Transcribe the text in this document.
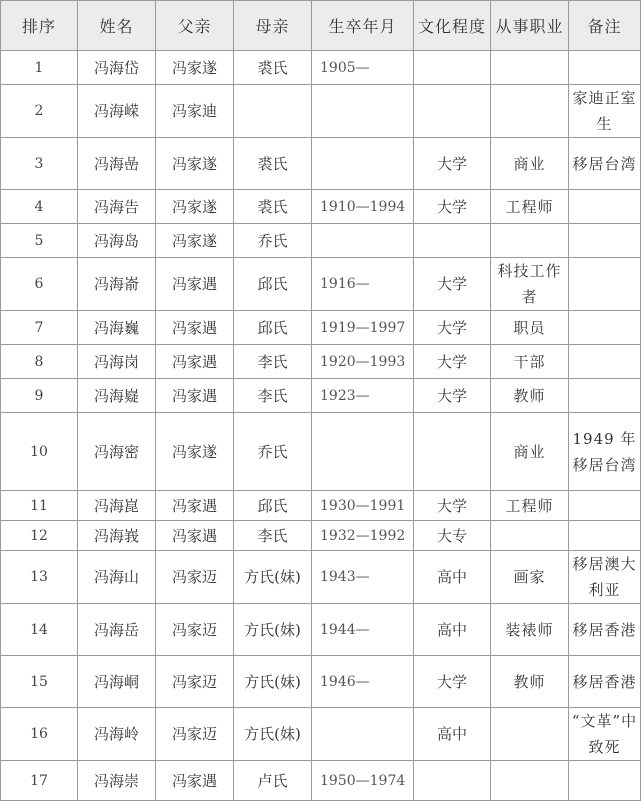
排序	姓名	父亲	母亲	生卒年月	文化程度	从事职业	备注
1	冯海岱	冯家遂	裘氏	1905—			
2	冯海嵘	冯家迪					家迪正室生
3	冯海嵒	冯家遂	裘氏		大学	商业	移居台湾
4	冯海告	冯家遂	裘氏	1910—1994	大学	工程师	
5	冯海岛	冯家遂	乔氏				
6	冯海嵛	冯家遇	邱氏	1916—	大学	科技工作者	
7	冯海巍	冯家遇	邱氏	1919—1997	大学	职员	
8	冯海岗	冯家遇	李氏	1920—1993	大学	干部	
9	冯海嶷	冯家遇	李氏	1923—	大学	教师	
10	冯海密	冯家遂	乔氏			商业	1949 年移居台湾
11	冯海崑	冯家遇	邱氏	1930—1991	大学	工程师	
12	冯海峩	冯家遇	李氏	1932—1992	大专		
13	冯海山	冯家迈	方氏(妹)	1943—	高中	画家	移居澳大利亚
14	冯海岳	冯家迈	方氏(妹)	1944—	高中	装裱师	移居香港
15	冯海峒	冯家迈	方氏(妹)	1946—	大学	教师	移居香港
16	冯海岭	冯家迈	方氏(妹)		高中		“文革”中致死
17	冯海崇	冯家遇	卢氏	1950—1974			
